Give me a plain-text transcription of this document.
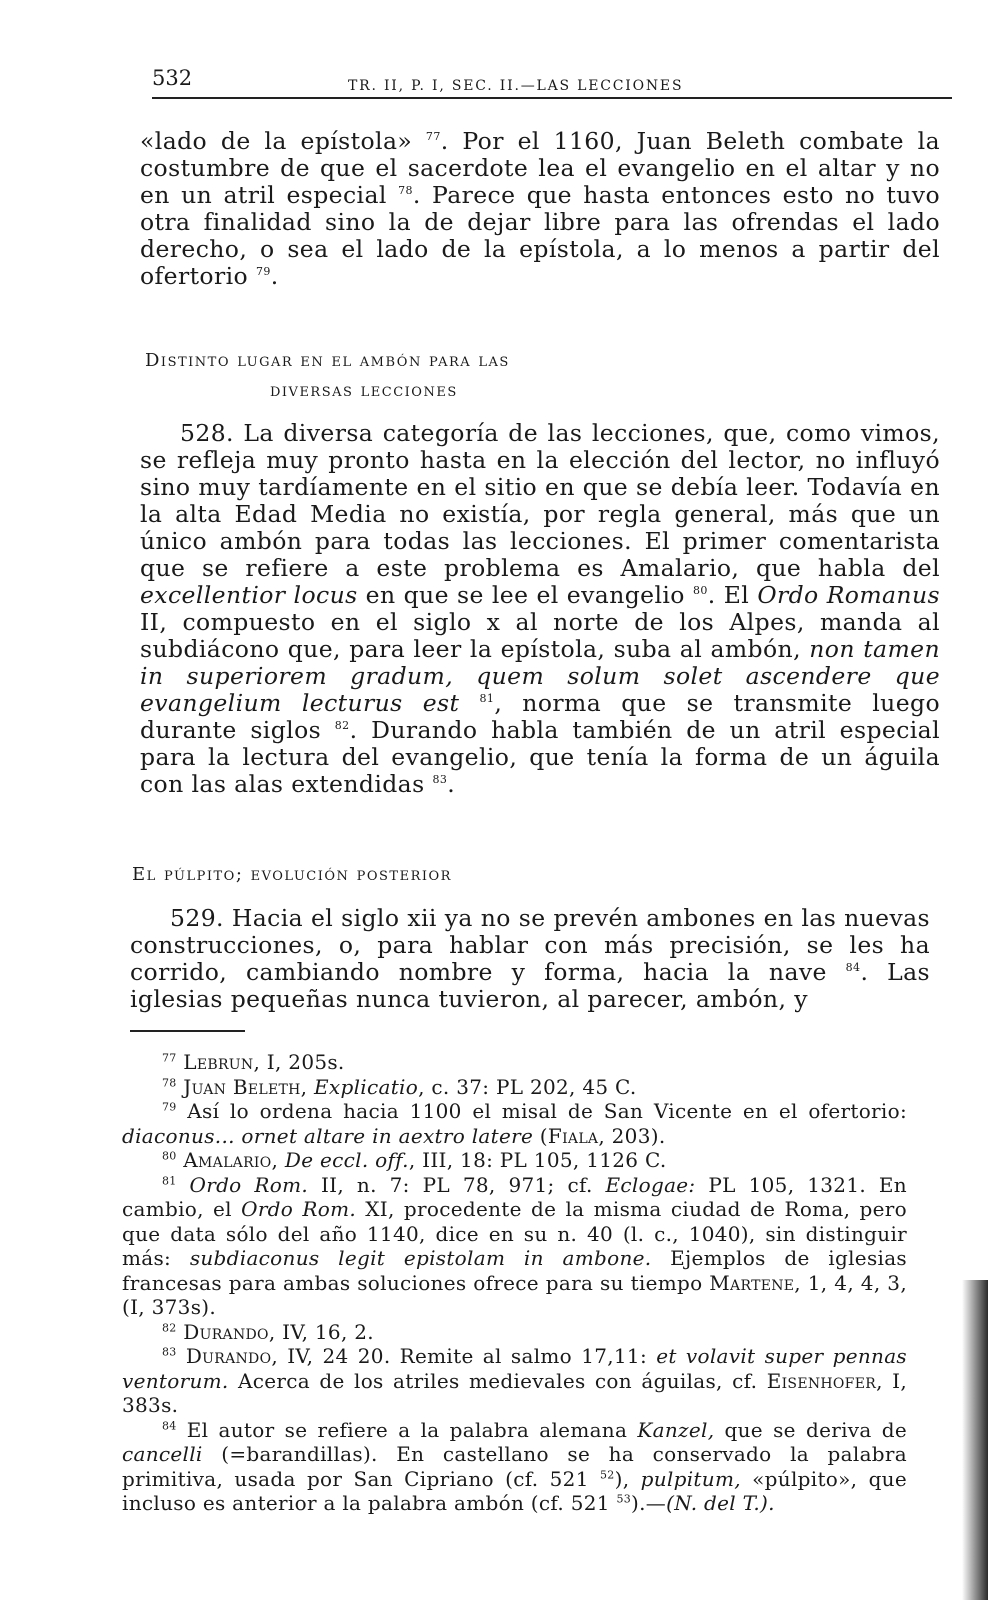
532	TR. II, P. I, SEC. II.—LAS LECCIONES

«lado de la epístola» $^{77}$. Por el 1160, Juan Beleth combate la costumbre de que el sacerdote lea el evangelio en el altar y no en un atril especial $^{78}$. Parece que hasta entonces esto no tuvo otra finalidad sino la de dejar libre para las ofrendas el lado derecho, o sea el lado de la epístola, a lo menos a partir del ofertorio $^{79}$.

Distinto lugar en el ambón para las
diversas lecciones

528. La diversa categoría de las lecciones, que, como vimos, se refleja muy pronto hasta en la elección del lector, no influyó sino muy tardíamente en el sitio en que se debía leer. Todavía en la alta Edad Media no existía, por regla general, más que un único ambón para todas las lecciones. El primer comentarista que se refiere a este problema es Amalario, que habla del excellentior locus en que se lee el evangelio $^{80}$. El Ordo Romanus II, compuesto en el siglo x al norte de los Alpes, manda al subdiácono que, para leer la epístola, suba al ambón, non tamen in superiorem gradum, quem solum solet ascendere que evangelium lecturus est $^{81}$, norma que se transmite luego durante siglos $^{82}$. Durando habla también de un atril especial para la lectura del evangelio, que tenía la forma de un águila con las alas extendidas $^{83}$.

El púlpito; evolución posterior

529. Hacia el siglo xii ya no se prevén ambones en las nuevas construcciones, o, para hablar con más precisión, se les ha corrido, cambiando nombre y forma, hacia la nave $^{84}$. Las iglesias pequeñas nunca tuvieron, al parecer, ambón, y

$^{77}$ Lebrun, I, 205s.

$^{78}$ Juan Beleth, Explicatio, c. 37: PL 202, 45 C.

$^{79}$ Así lo ordena hacia 1100 el misal de San Vicente en el ofertorio: diaconus... ornet altare in aextro latere (Fiala, 203).

$^{80}$ Amalario, De eccl. off., III, 18: PL 105, 1126 C.

$^{81}$ Ordo Rom. II, n. 7: PL 78, 971; cf. Eclogae: PL 105, 1321. En cambio, el Ordo Rom. XI, procedente de la misma ciudad de Roma, pero que data sólo del año 1140, dice en su n. 40 (l. c., 1040), sin distinguir más: subdiaconus legit epistolam in ambone. Ejemplos de iglesias francesas para ambas soluciones ofrece para su tiempo Martene, 1, 4, 4, 3, (I, 373s).

$^{82}$ Durando, IV, 16, 2.

$^{83}$ Durando, IV, 24 20. Remite al salmo 17,11: et volavit super pennas ventorum. Acerca de los atriles medievales con águilas, cf. Eisenhofer, I, 383s.

$^{84}$ El autor se refiere a la palabra alemana Kanzel, que se deriva de cancelli (=barandillas). En castellano se ha conservado la palabra primitiva, usada por San Cipriano (cf. 521 $^{52}$), pulpitum, «púlpito», que incluso es anterior a la palabra ambón (cf. 521 $^{53}$).—(N. del T.).
